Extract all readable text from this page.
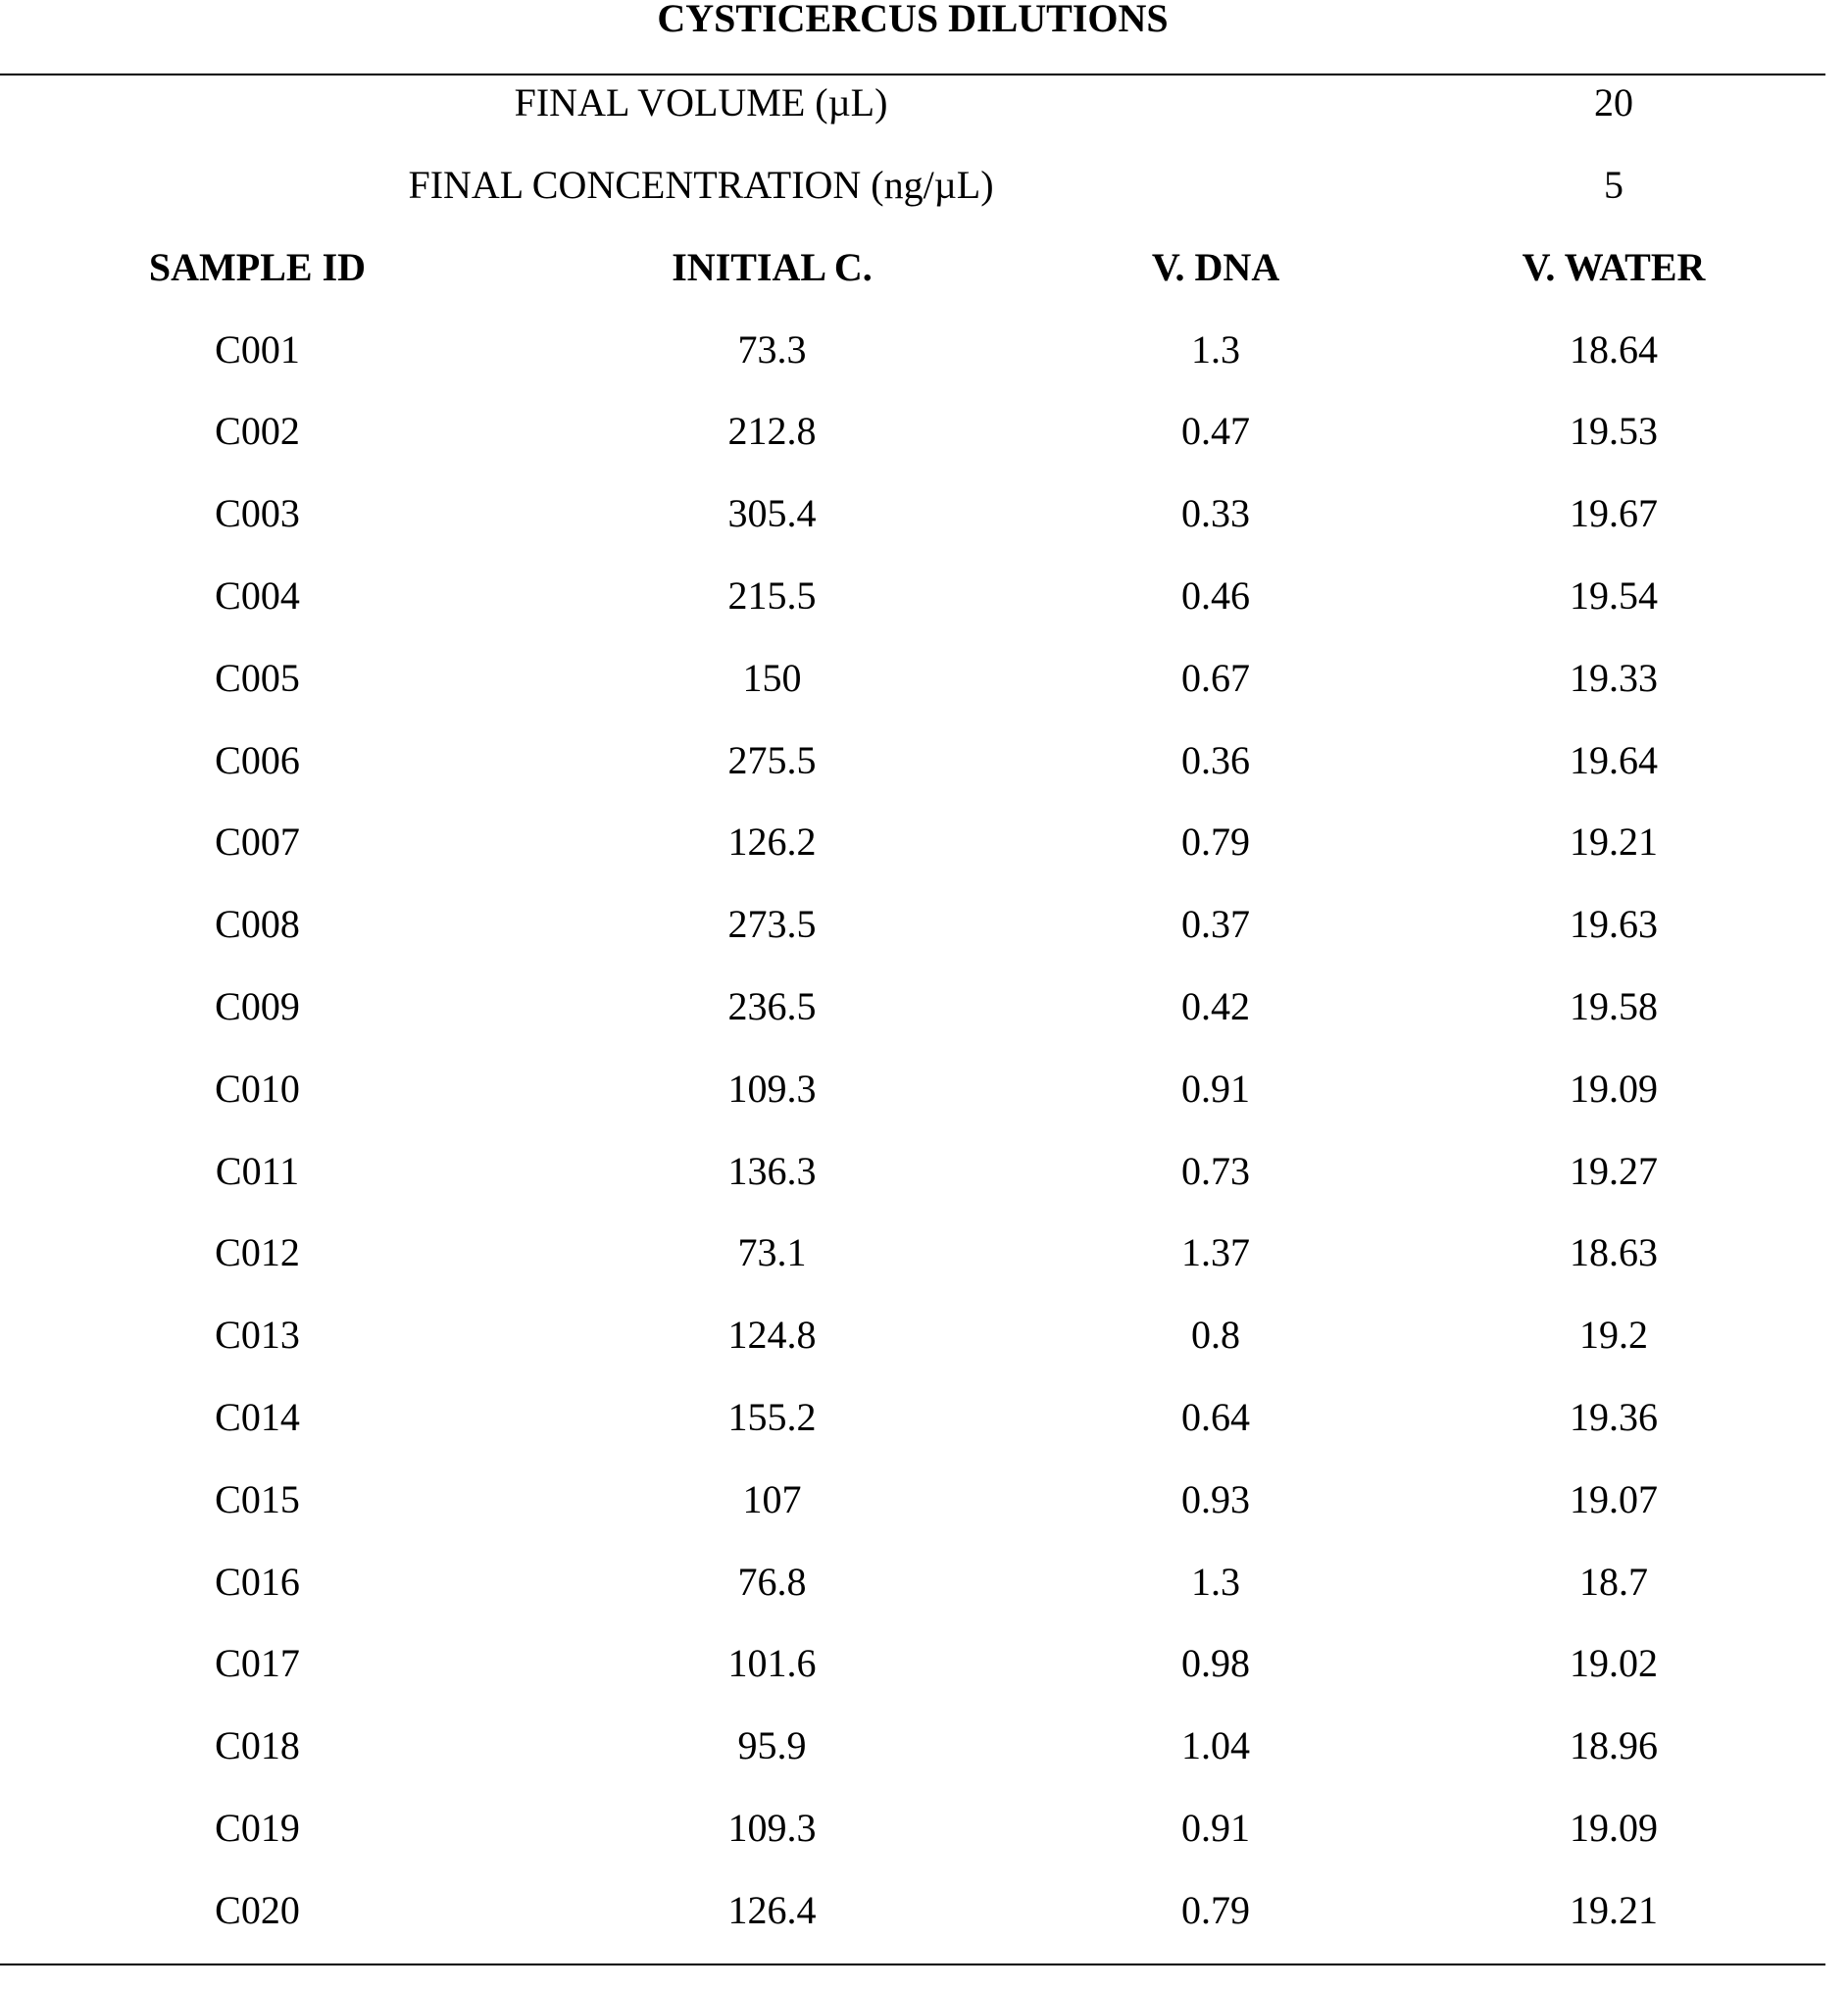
CYSTICERCUS DILUTIONS
FINAL VOLUME (µL)			20
FINAL CONCENTRATION (ng/µL)			5
SAMPLE ID	INITIAL C.	V. DNA	V. WATER
C001	73.3	1.3	18.64
C002	212.8	0.47	19.53
C003	305.4	0.33	19.67
C004	215.5	0.46	19.54
C005	150	0.67	19.33
C006	275.5	0.36	19.64
C007	126.2	0.79	19.21
C008	273.5	0.37	19.63
C009	236.5	0.42	19.58
C010	109.3	0.91	19.09
C011	136.3	0.73	19.27
C012	73.1	1.37	18.63
C013	124.8	0.8	19.2
C014	155.2	0.64	19.36
C015	107	0.93	19.07
C016	76.8	1.3	18.7
C017	101.6	0.98	19.02
C018	95.9	1.04	18.96
C019	109.3	0.91	19.09
C020	126.4	0.79	19.21
